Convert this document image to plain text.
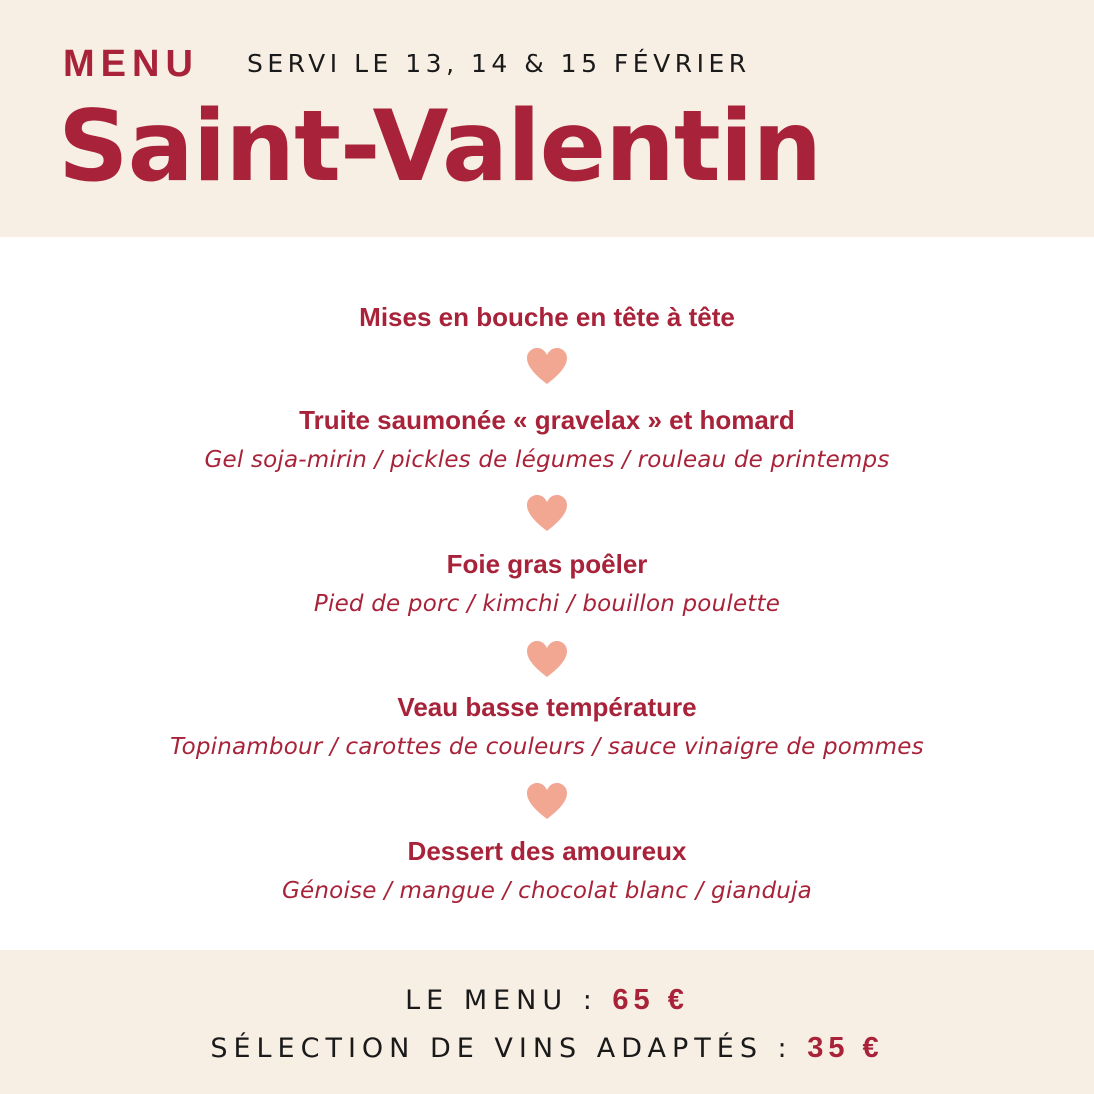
MENU SERVI LE 13, 14 & 15 FÉVRIER
Saint-Valentin
Mises en bouche en tête à tête
Truite saumonée « gravelax » et homard
Gel soja-mirin / pickles de légumes / rouleau de printemps
Foie gras poêler
Pied de porc / kimchi / bouillon poulette
Veau basse température
Topinambour / carottes de couleurs / sauce vinaigre de pommes
Dessert des amoureux
Génoise / mangue / chocolat blanc / gianduja
LE MENU : 65 €
SÉLECTION DE VINS ADAPTÉS : 35 €
